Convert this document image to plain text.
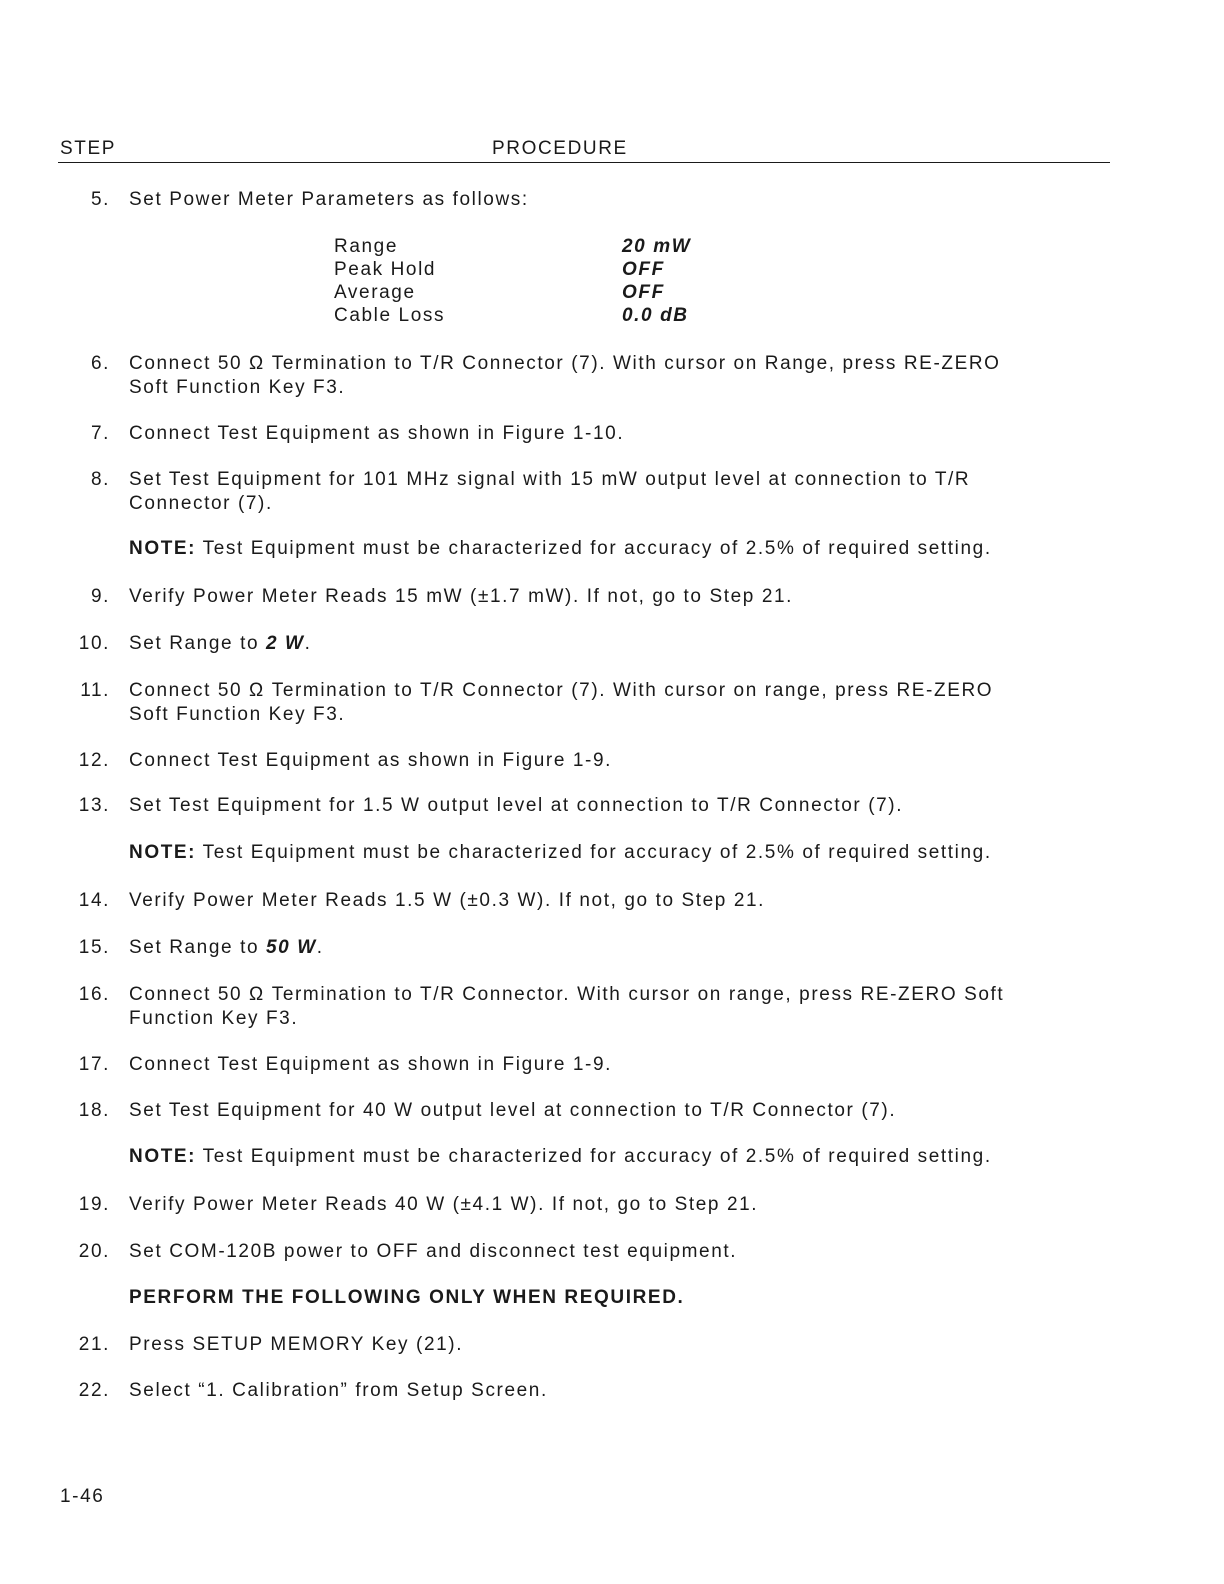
STEP	PROCEDURE
5. Set Power Meter Parameters as follows:
Range	20 mW
Peak Hold	OFF
Average	OFF
Cable Loss	0.0 dB
6. Connect 50 Ω Termination to T/R Connector (7). With cursor on Range, press RE-ZERO
Soft Function Key F3.
7. Connect Test Equipment as shown in Figure 1-10.
8. Set Test Equipment for 101 MHz signal with 15 mW output level at connection to T/R
Connector (7).
NOTE: Test Equipment must be characterized for accuracy of 2.5% of required setting.
9. Verify Power Meter Reads 15 mW (±1.7 mW). If not, go to Step 21.
10. Set Range to 2 W.
11. Connect 50 Ω Termination to T/R Connector (7). With cursor on range, press RE-ZERO
Soft Function Key F3.
12. Connect Test Equipment as shown in Figure 1-9.
13. Set Test Equipment for 1.5 W output level at connection to T/R Connector (7).
NOTE: Test Equipment must be characterized for accuracy of 2.5% of required setting.
14. Verify Power Meter Reads 1.5 W (±0.3 W). If not, go to Step 21.
15. Set Range to 50 W.
16. Connect 50 Ω Termination to T/R Connector. With cursor on range, press RE-ZERO Soft
Function Key F3.
17. Connect Test Equipment as shown in Figure 1-9.
18. Set Test Equipment for 40 W output level at connection to T/R Connector (7).
NOTE: Test Equipment must be characterized for accuracy of 2.5% of required setting.
19. Verify Power Meter Reads 40 W (±4.1 W). If not, go to Step 21.
20. Set COM-120B power to OFF and disconnect test equipment.
PERFORM THE FOLLOWING ONLY WHEN REQUIRED.
21. Press SETUP MEMORY Key (21).
22. Select “1. Calibration” from Setup Screen.
1-46
